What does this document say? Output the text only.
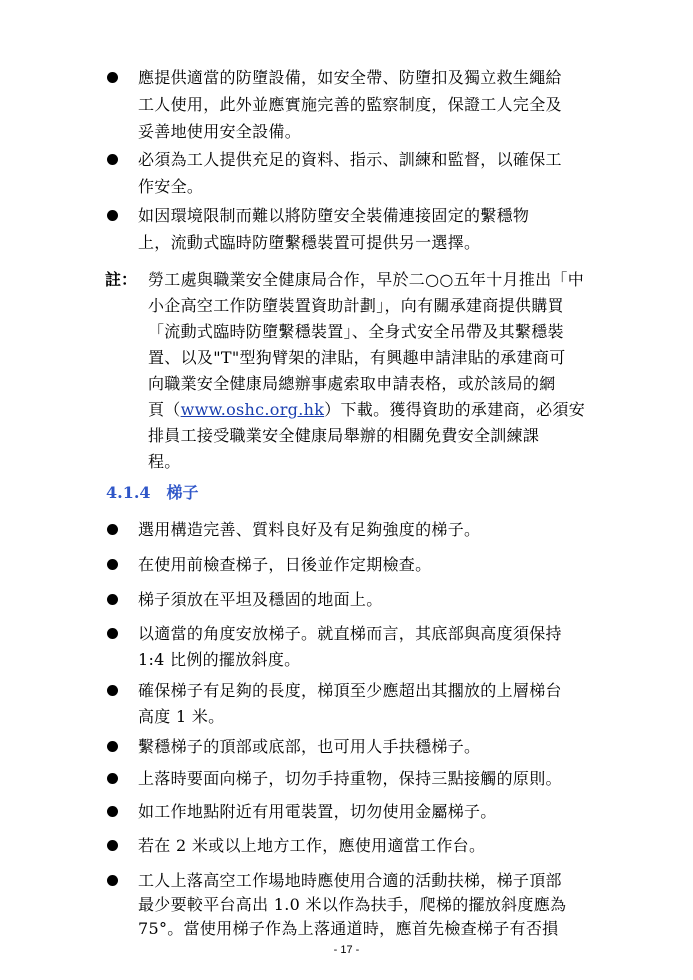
應提供適當的防墮設備，如安全帶、防墮扣及獨立救生繩給
工人使用，此外並應實施完善的監察制度，保證工人完全及
妥善地使用安全設備。
必須為工人提供充足的資料、指示、訓練和監督，以確保工
作安全。
如因環境限制而難以將防墮安全裝備連接固定的繫穩物
上，流動式臨時防墮繫穩裝置可提供另一選擇。
註： 勞工處與職業安全健康局合作，早於二○○五年十月推出「中
小企高空工作防墮裝置資助計劃」，向有關承建商提供購買
「流動式臨時防墮繫穩裝置」、全身式安全吊帶及其繫穩裝
置、以及"T"型狗臂架的津貼，有興趣申請津貼的承建商可
向職業安全健康局總辦事處索取申請表格，或於該局的網
頁（www.oshc.org.hk）下載。獲得資助的承建商，必須安
排員工接受職業安全健康局舉辦的相關免費安全訓練課
程。
4.1.4 梯子
選用構造完善、質料良好及有足夠強度的梯子。
在使用前檢查梯子，日後並作定期檢查。
梯子須放在平坦及穩固的地面上。
以適當的角度安放梯子。就直梯而言，其底部與高度須保持
1:4 比例的擺放斜度。
確保梯子有足夠的長度，梯頂至少應超出其擱放的上層梯台
高度 1 米。
繫穩梯子的頂部或底部，也可用人手扶穩梯子。
上落時要面向梯子，切勿手持重物，保持三點接觸的原則。
如工作地點附近有用電裝置，切勿使用金屬梯子。
若在 2 米或以上地方工作，應使用適當工作台。
工人上落高空工作場地時應使用合適的活動扶梯，梯子頂部
最少要較平台高出 1.0 米以作為扶手，爬梯的擺放斜度應為
75°。當使用梯子作為上落通道時，應首先檢查梯子有否損
- 17 -
